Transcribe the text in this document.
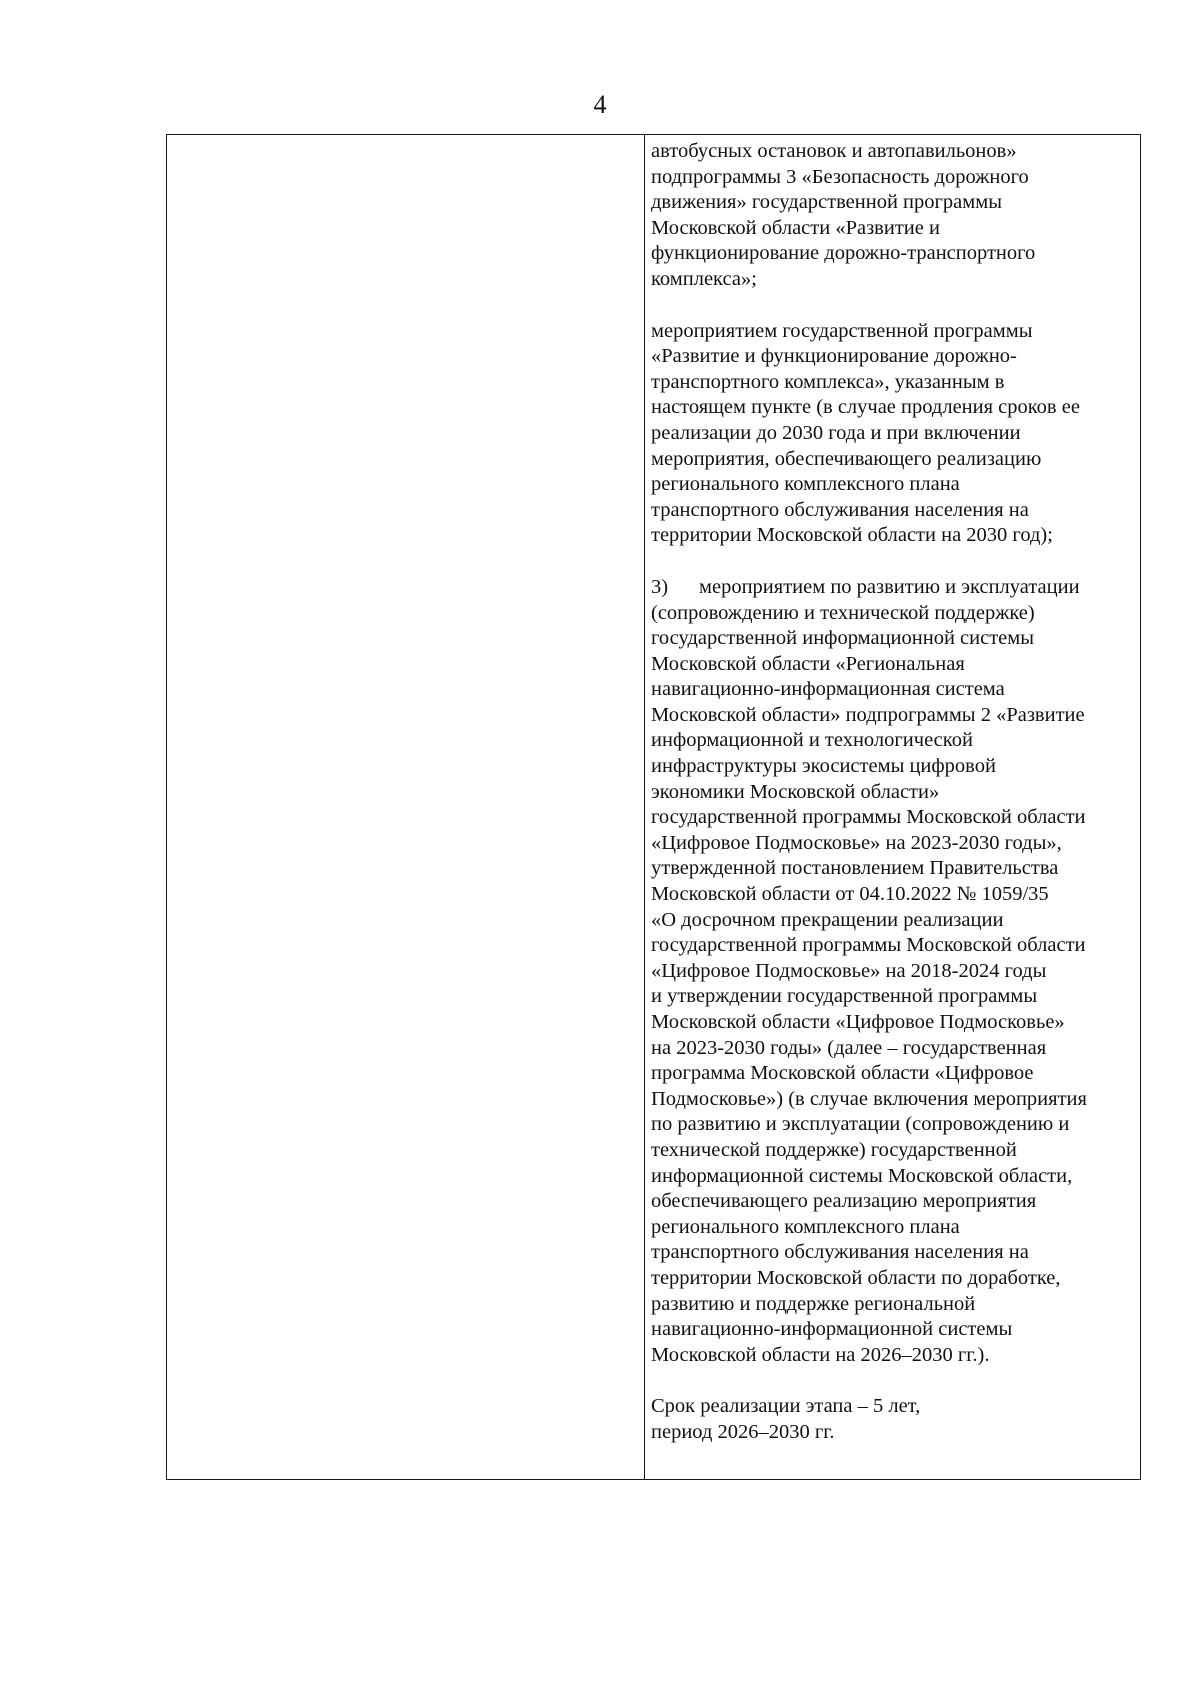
4

автобусных остановок и автопавильонов»
подпрограммы 3 «Безопасность дорожного
движения» государственной программы
Московской области «Развитие и
функционирование дорожно-транспортного
комплекса»;

мероприятием государственной программы
«Развитие и функционирование дорожно-
транспортного комплекса», указанным в
настоящем пункте (в случае продления сроков ее
реализации до 2030 года и при включении
мероприятия, обеспечивающего реализацию
регионального комплексного плана
транспортного обслуживания населения на
территории Московской области на 2030 год);

3)	мероприятием по развитию и эксплуатации

(сопровождению и технической поддержке)
государственной информационной системы
Московской области «Региональная
навигационно-информационная система
Московской области» подпрограммы 2 «Развитие
информационной и технологической
инфраструктуры экосистемы цифровой
экономики Московской области»
государственной программы Московской области
«Цифровое Подмосковье» на 2023-2030 годы»,
утвержденной постановлением Правительства
Московской области от 04.10.2022 № 1059/35
«О досрочном прекращении реализации
государственной программы Московской области
«Цифровое Подмосковье» на 2018-2024 годы
и утверждении государственной программы
Московской области «Цифровое Подмосковье»
на 2023-2030 годы» (далее – государственная
программа Московской области «Цифровое
Подмосковье») (в случае включения мероприятия
по развитию и эксплуатации (сопровождению и
технической поддержке) государственной
информационной системы Московской области,
обеспечивающего реализацию мероприятия
регионального комплексного плана
транспортного обслуживания населения на
территории Московской области по доработке,
развитию и поддержке региональной
навигационно-информационной системы
Московской области на 2026–2030 гг.).

Срок реализации этапа – 5 лет,
период 2026–2030 гг.
